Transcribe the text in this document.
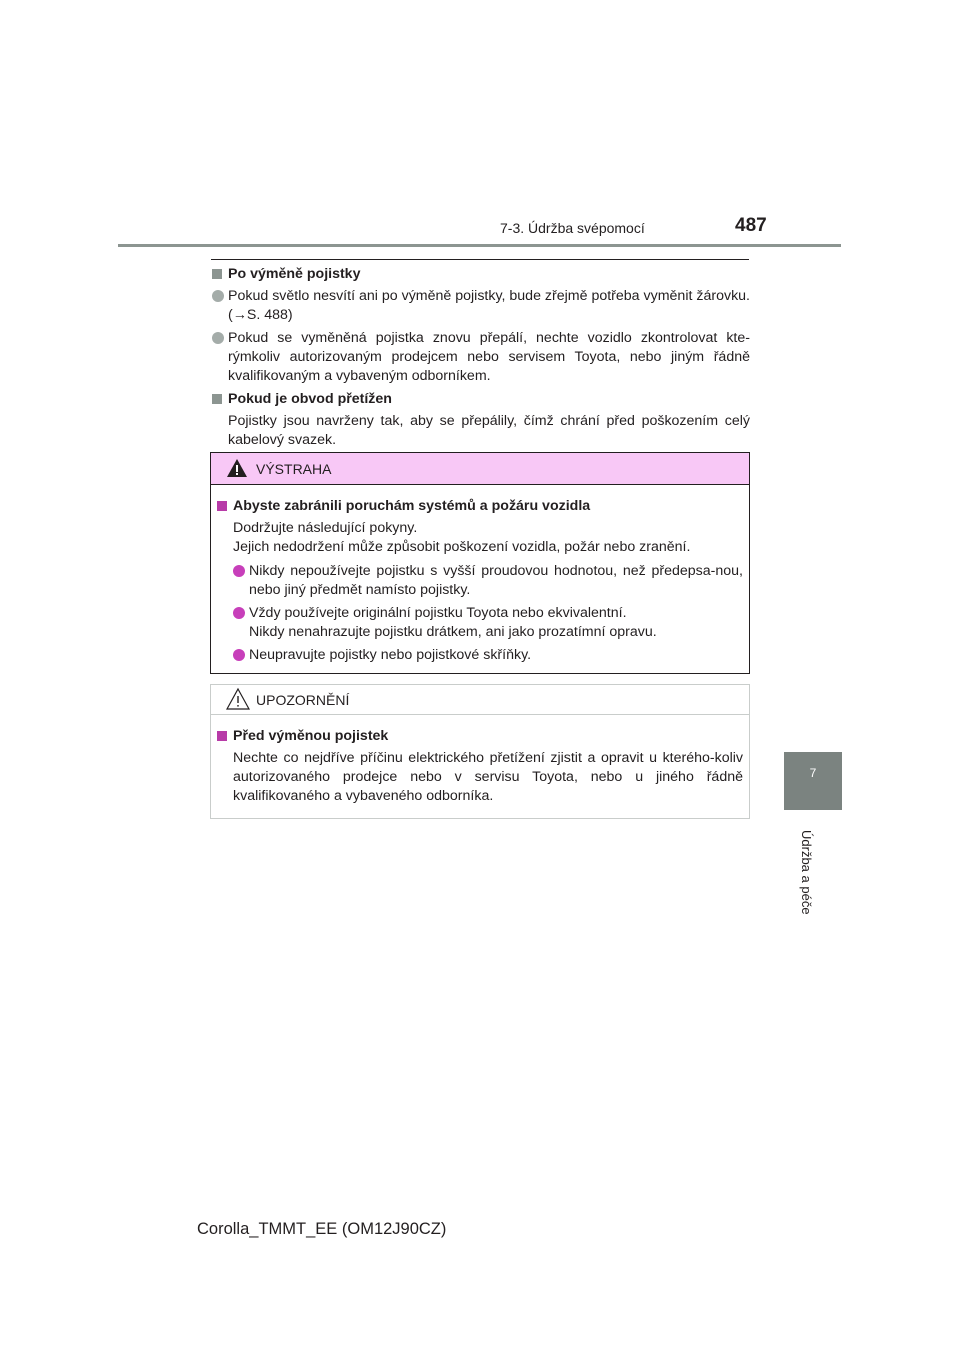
7-3. Údržba svépomocí	487
7
Údržba a péče
Po výměně pojistky
Pokud světlo nesvítí ani po výměně pojistky, bude zřejmě potřeba vyměnit žárovku. (→S. 488)
Pokud se vyměněná pojistka znovu přepálí, nechte vozidlo zkontrolovat kte-rýmkoliv autorizovaným prodejcem nebo servisem Toyota, nebo jiným řádně kvalifikovaným a vybaveným odborníkem.
Pokud je obvod přetížen
Pojistky jsou navrženy tak, aby se přepálily, čímž chrání před poškozením celý kabelový svazek.
VÝSTRAHA
Abyste zabránili poruchám systémů a požáru vozidla
Dodržujte následující pokyny.
Jejich nedodržení může způsobit poškození vozidla, požár nebo zranění.
Nikdy nepoužívejte pojistku s vyšší proudovou hodnotou, než předepsa-nou, nebo jiný předmět namísto pojistky.
Vždy používejte originální pojistku Toyota nebo ekvivalentní.
Nikdy nenahrazujte pojistku drátkem, ani jako prozatímní opravu.
Neupravujte pojistky nebo pojistkové skříňky.
UPOZORNĚNÍ
Před výměnou pojistek
Nechte co nejdříve příčinu elektrického přetížení zjistit a opravit u kterého-koliv autorizovaného prodejce nebo v servisu Toyota, nebo u jiného řádně kvalifikovaného a vybaveného odborníka.
Corolla_TMMT_EE (OM12J90CZ)
